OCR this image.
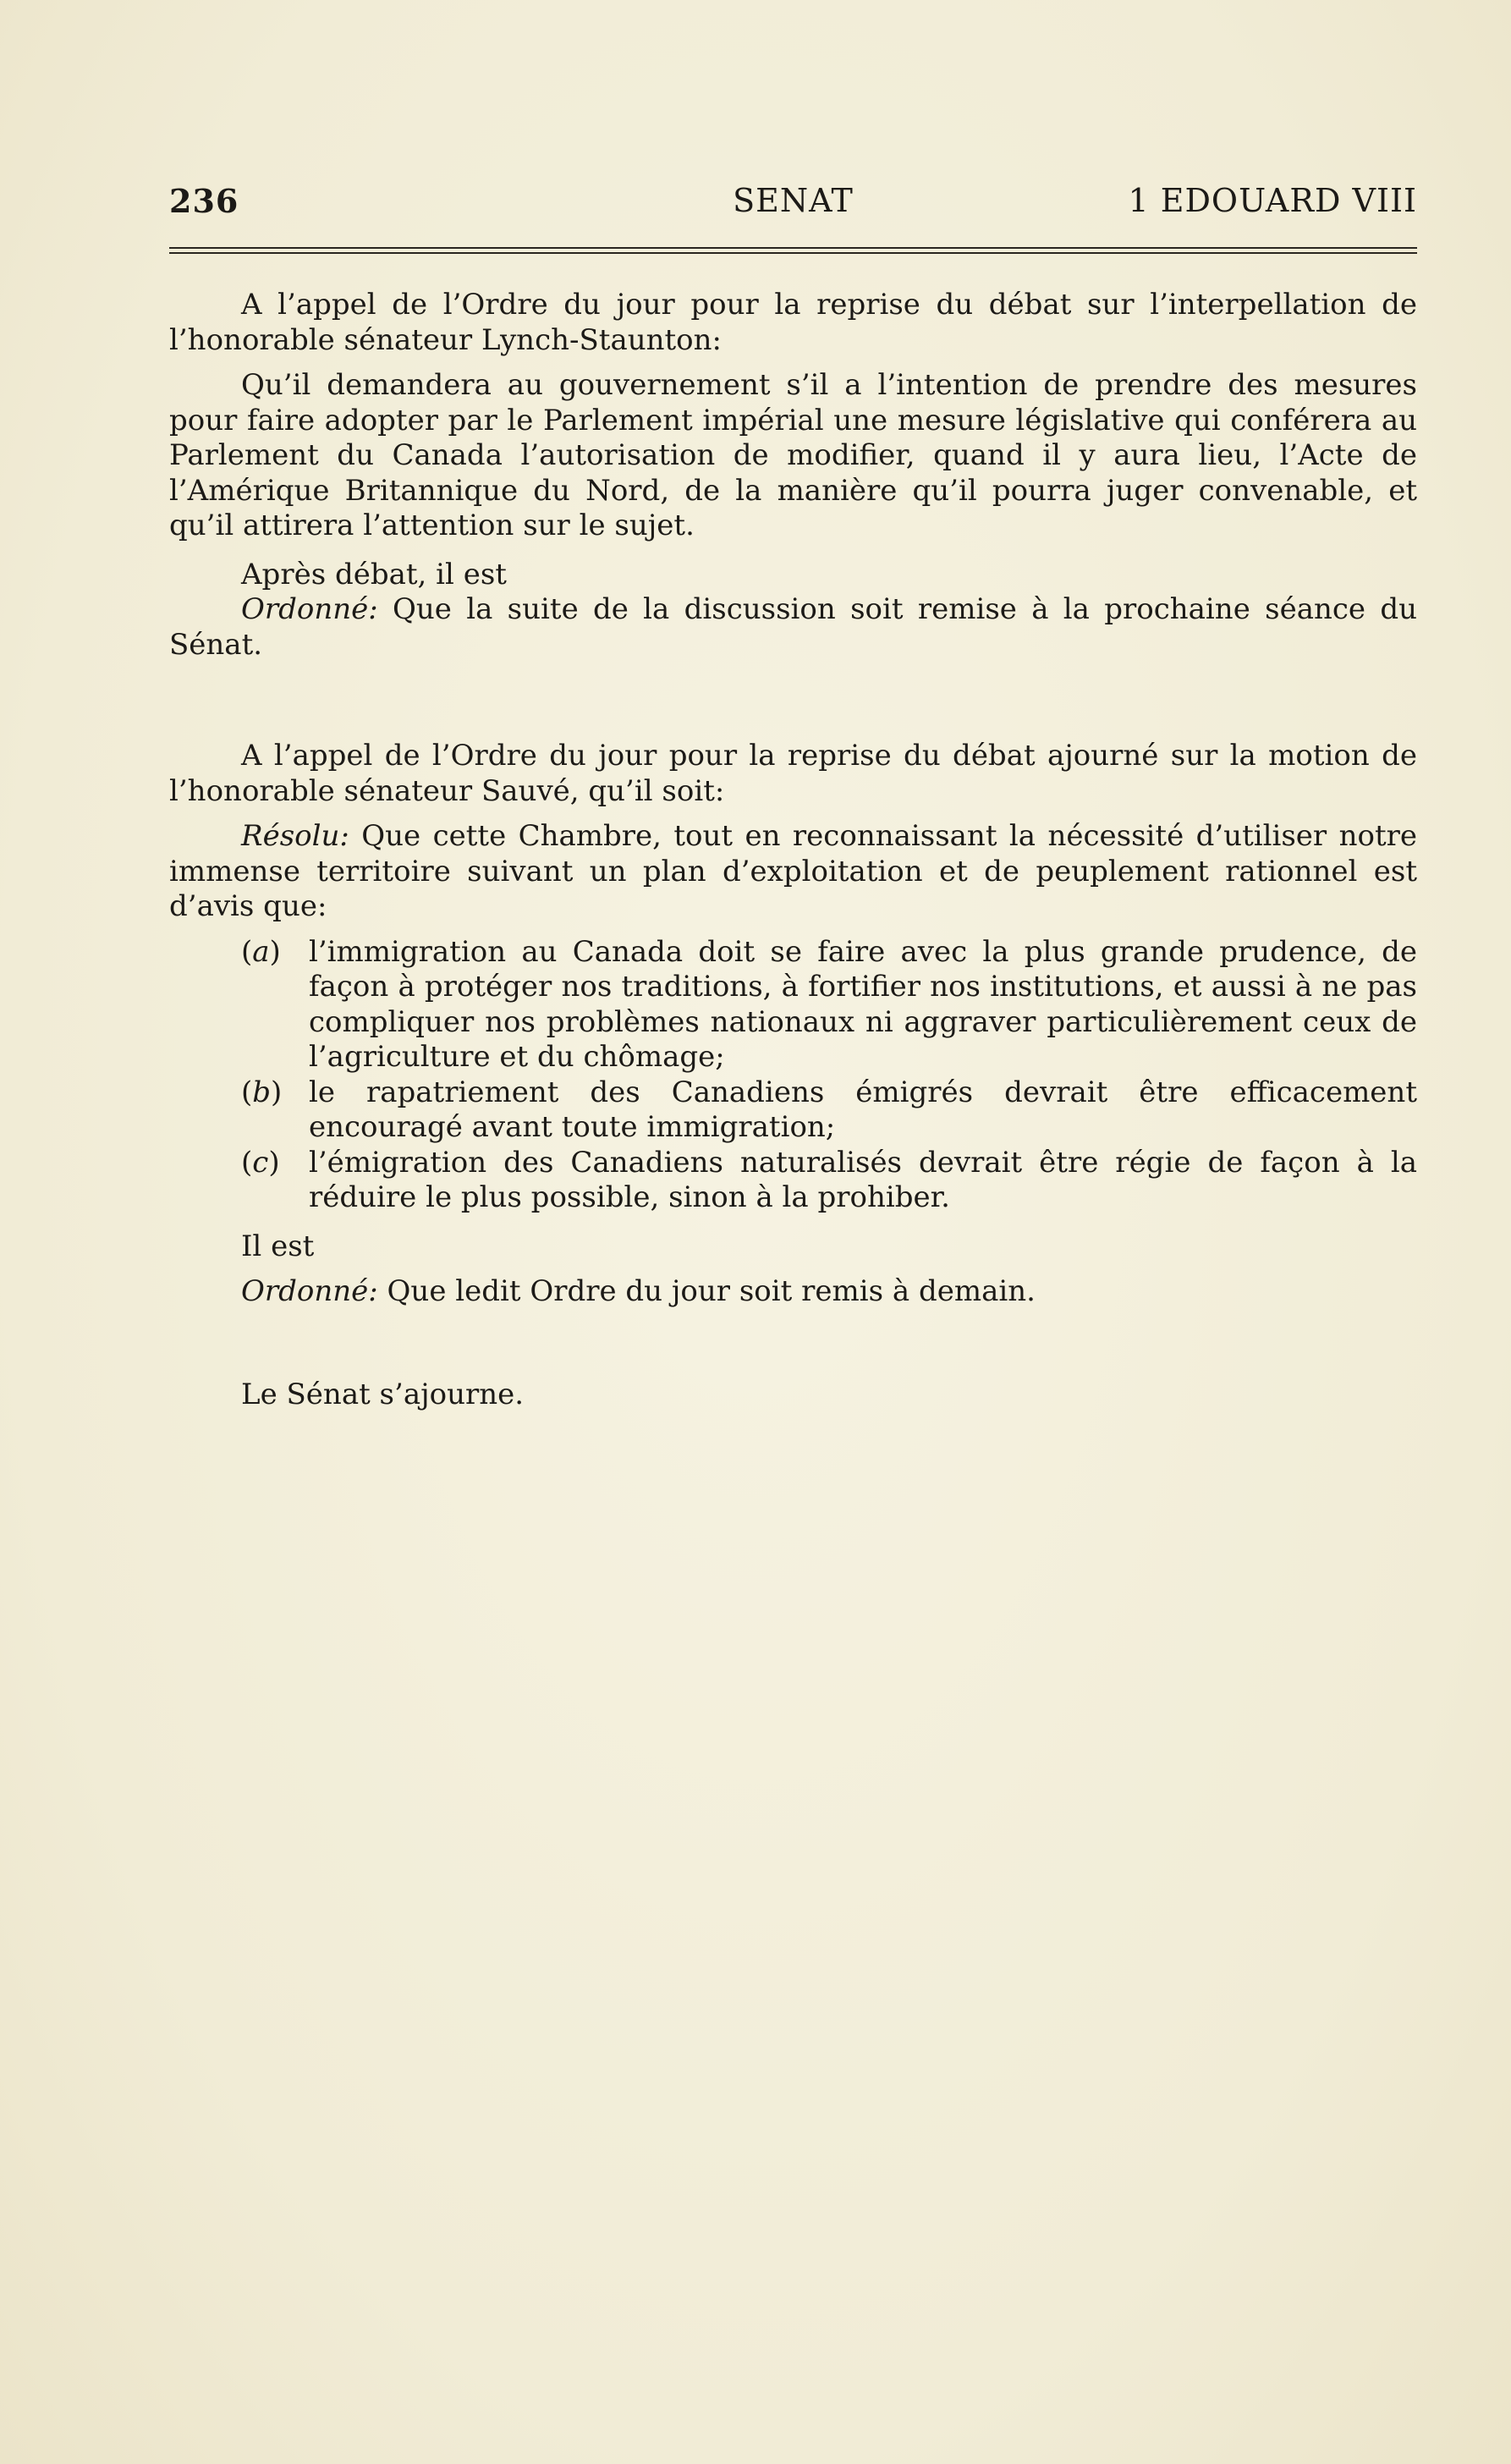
236	SENAT	1 EDOUARD VIII

A l’appel de l’Ordre du jour pour la reprise du débat sur l’interpellation de l’honorable sénateur Lynch-Staunton:

Qu’il demandera au gouvernement s’il a l’intention de prendre des mesures pour faire adopter par le Parlement impérial une mesure législative qui conférera au Parlement du Canada l’autorisation de modifier, quand il y aura lieu, l’Acte de l’Amérique Britannique du Nord, de la manière qu’il pourra juger convenable, et qu’il attirera l’attention sur le sujet.

Après débat, il est

Ordonné: Que la suite de la discussion soit remise à la prochaine séance du Sénat.

A l’appel de l’Ordre du jour pour la reprise du débat ajourné sur la motion de l’honorable sénateur Sauvé, qu’il soit:

Résolu: Que cette Chambre, tout en reconnaissant la nécessité d’utiliser notre immense territoire suivant un plan d’exploitation et de peuplement rationnel est d’avis que:

(a) l’immigration au Canada doit se faire avec la plus grande prudence, de façon à protéger nos traditions, à fortifier nos institutions, et aussi à ne pas compliquer nos problèmes nationaux ni aggraver particulièrement ceux de l’agriculture et du chômage;
(b) le rapatriement des Canadiens émigrés devrait être efficacement encouragé avant toute immigration;
(c) l’émigration des Canadiens naturalisés devrait être régie de façon à la réduire le plus possible, sinon à la prohiber.

Il est

Ordonné: Que ledit Ordre du jour soit remis à demain.

Le Sénat s’ajourne.
